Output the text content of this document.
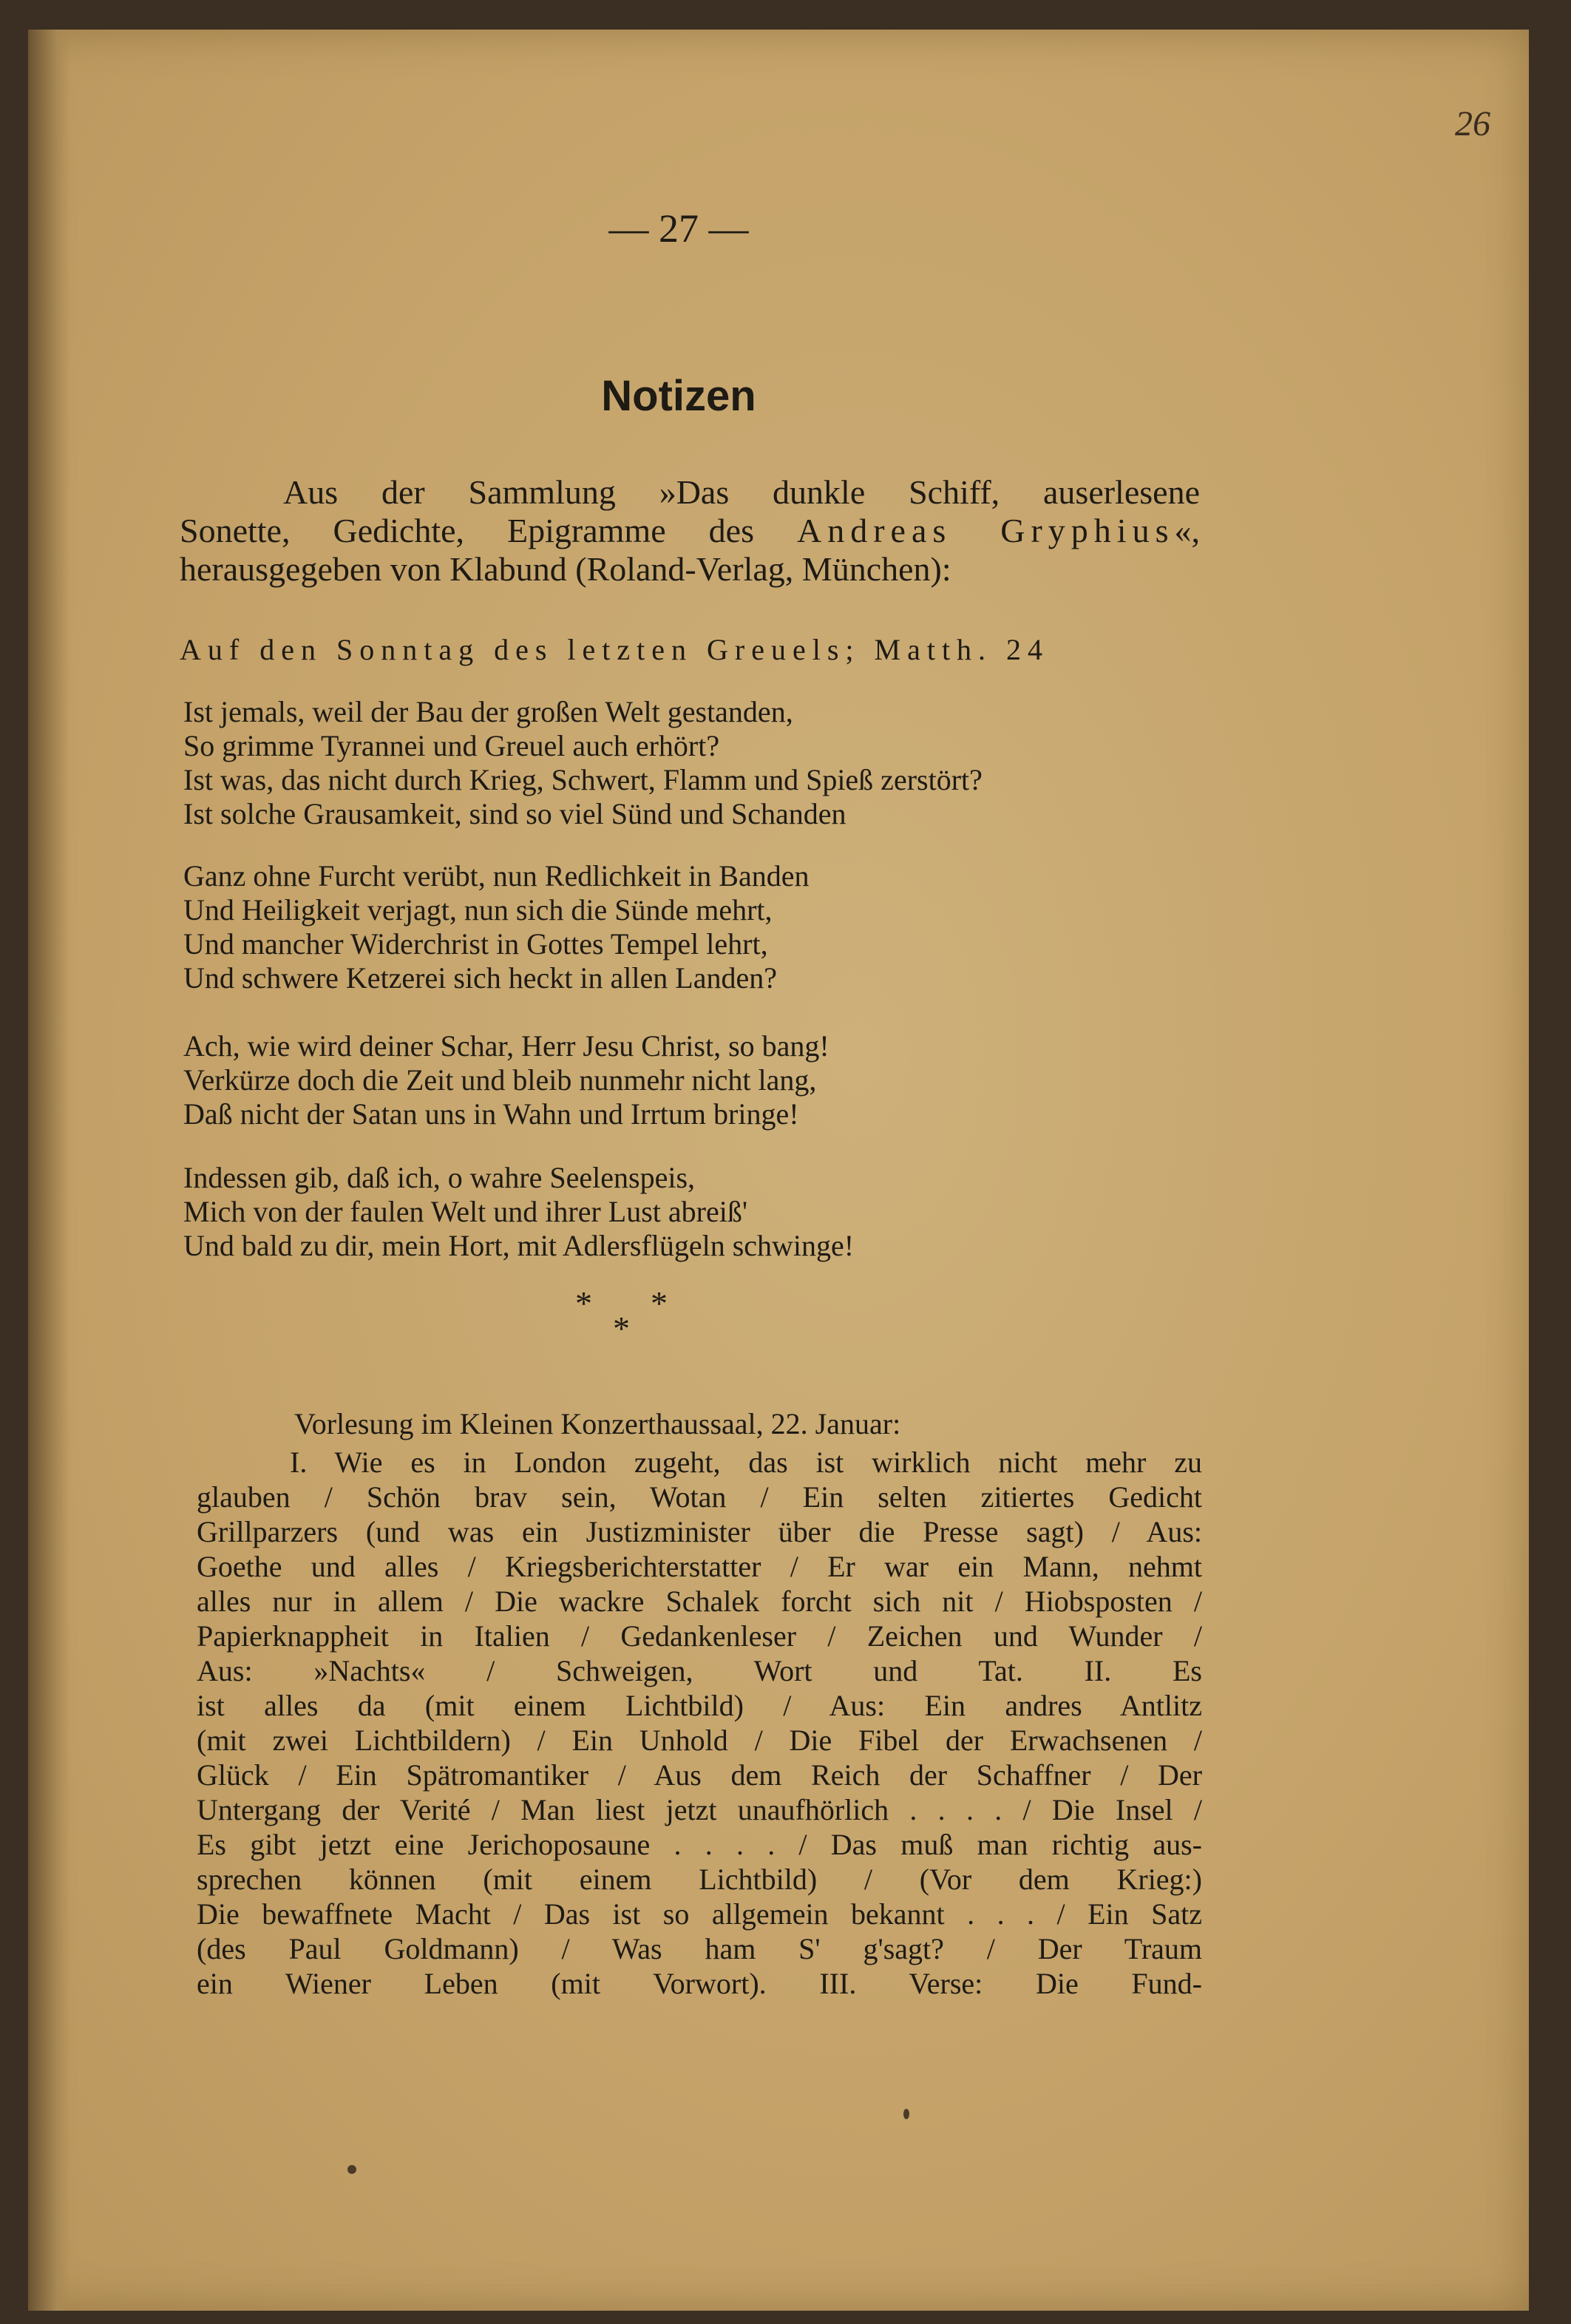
26
— 27 —
Notizen
Aus der Sammlung »Das dunkle Schiff, auserlesene
Sonette, Gedichte, Epigramme des Andreas Gryphius«,
herausgegeben von Klabund (Roland-Verlag, München):
Auf den Sonntag des letzten Greuels; Matth. 24
Ist jemals, weil der Bau der großen Welt gestanden,
So grimme Tyrannei und Greuel auch erhört?
Ist was, das nicht durch Krieg, Schwert, Flamm und Spieß zerstört?
Ist solche Grausamkeit, sind so viel Sünd und Schanden
Ganz ohne Furcht verübt, nun Redlichkeit in Banden
Und Heiligkeit verjagt, nun sich die Sünde mehrt,
Und mancher Widerchrist in Gottes Tempel lehrt,
Und schwere Ketzerei sich heckt in allen Landen?
Ach, wie wird deiner Schar, Herr Jesu Christ, so bang!
Verkürze doch die Zeit und bleib nunmehr nicht lang,
Daß nicht der Satan uns in Wahn und Irrtum bringe!
Indessen gib, daß ich, o wahre Seelenspeis,
Mich von der faulen Welt und ihrer Lust abreiß'
Und bald zu dir, mein Hort, mit Adlersflügeln schwinge!
* *
*
Vorlesung im Kleinen Konzerthaussaal, 22. Januar:
I. Wie es in London zugeht, das ist wirklich nicht mehr zu
glauben / Schön brav sein, Wotan / Ein selten zitiertes Gedicht
Grillparzers (und was ein Justizminister über die Presse sagt) / Aus:
Goethe und alles / Kriegsberichterstatter / Er war ein Mann, nehmt
alles nur in allem / Die wackre Schalek forcht sich nit / Hiobsposten /
Papierknappheit in Italien / Gedankenleser / Zeichen und Wunder /
Aus: »Nachts« / Schweigen, Wort und Tat. II. Es
ist alles da (mit einem Lichtbild) / Aus: Ein andres Antlitz
(mit zwei Lichtbildern) / Ein Unhold / Die Fibel der Erwachsenen /
Glück / Ein Spätromantiker / Aus dem Reich der Schaffner / Der
Untergang der Verité / Man liest jetzt unaufhörlich . . . . / Die Insel /
Es gibt jetzt eine Jerichoposaune . . . . / Das muß man richtig aus-
sprechen können (mit einem Lichtbild) / (Vor dem Krieg:)
Die bewaffnete Macht / Das ist so allgemein bekannt . . . / Ein Satz
(des Paul Goldmann) / Was ham S' g'sagt? / Der Traum
ein Wiener Leben (mit Vorwort). III. Verse: Die Fund-
